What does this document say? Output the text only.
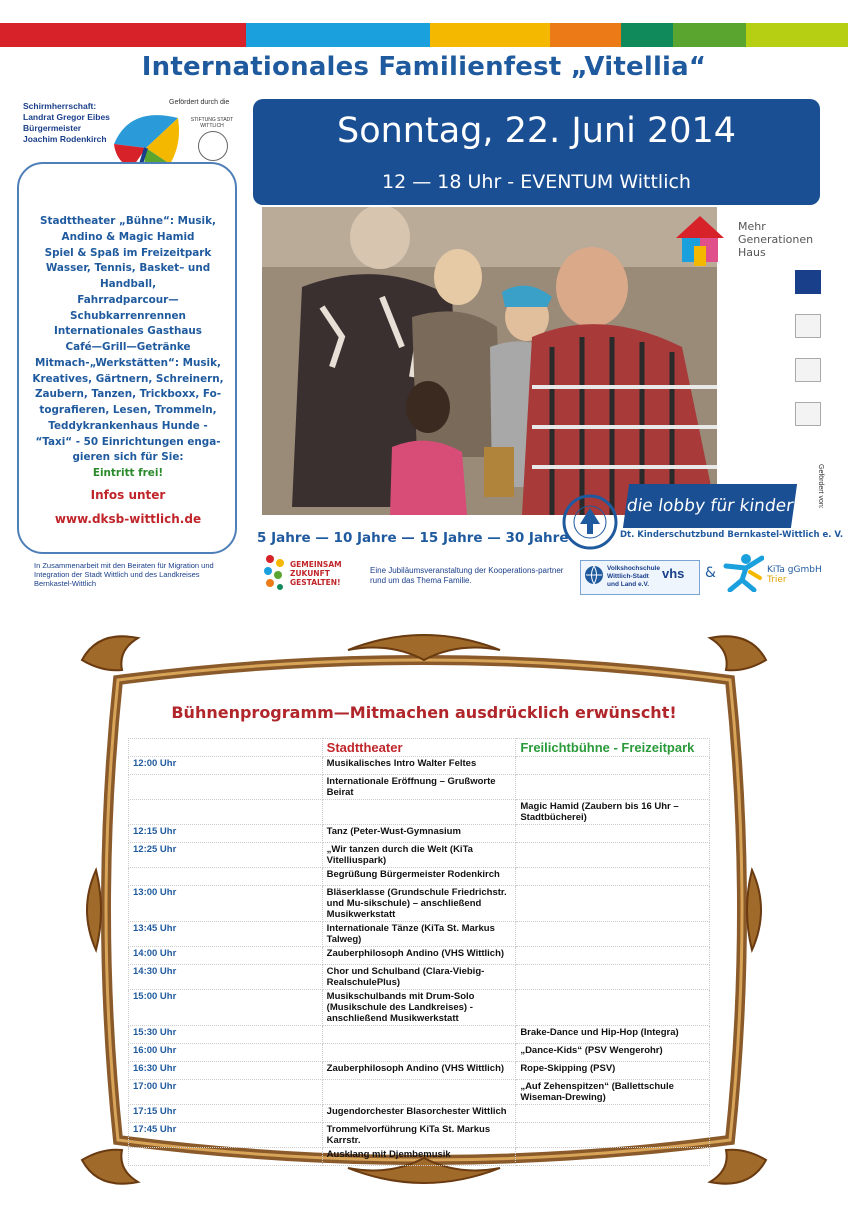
Internationales Familienfest „Vitellia“
Schirmherrschaft:
Landrat Gregor Eibes
Bürgermeister
Joachim Rodenkirch
Gefördert durch die
STIFTUNG STADT WITTLICH
Stadttheater „Bühne“: Musik,
Andino & Magic Hamid
Spiel & Spaß im Freizeitpark
Wasser, Tennis, Basket– und
Handball,
Fahrradparcour—
Schubkarrenrennen
Internationales Gasthaus
Café—Grill—Getränke
Mitmach-„Werkstätten“: Musik,
Kreatives, Gärtnern, Schreinern,
Zaubern, Tanzen, Trickboxx, Fo-
tografieren, Lesen, Trommeln,
Teddykrankenhaus Hunde -
“Taxi“ - 50 Einrichtungen enga-
gieren sich für Sie:
Eintritt frei!
Infos unter
www.dksb-wittlich.de
In Zusammenarbeit mit den Beiraten für Migration und Integration der Stadt Wittlich und des Landkreises Bernkastel-Wittlich
Sonntag, 22. Juni 2014
12 — 18 Uhr - EVENTUM Wittlich
Mehr
Generationen
Haus
Gefördert von:
5 Jahre — 10 Jahre — 15 Jahre — 30 Jahre
die lobby für kinder
Dt. Kinderschutzbund Bernkastel-Wittlich e. V.
GEMEINSAM
ZUKUNFT
GESTALTEN!
Eine Jubiläumsveranstaltung der Kooperations-partner rund um das Thema Familie.
Volkshochschule
Wittlich-Stadt
und Land e.V.
vhs &	KiTa gGmbH
Trier
Bühnenprogramm—Mitmachen ausdrücklich erwünscht!
	Stadttheater	Freilichtbühne - Freizeitpark
12:00 Uhr	Musikalisches Intro Walter Feltes	
	Internationale Eröffnung – Grußworte Beirat	
		Magic Hamid (Zaubern bis 16 Uhr – Stadtbücherei)
12:15 Uhr	Tanz (Peter-Wust-Gymnasium	
12:25 Uhr	„Wir tanzen durch die Welt (KiTa Vitelliuspark)	
	Begrüßung Bürgermeister Rodenkirch	
13:00 Uhr	Bläserklasse (Grundschule Friedrichstr. und Mu-sikschule) – anschließend Musikwerkstatt	
13:45 Uhr	Internationale Tänze (KiTa St. Markus Talweg)	
14:00 Uhr	Zauberphilosoph Andino (VHS Wittlich)	
14:30 Uhr	Chor und Schulband (Clara-Viebig-RealschulePlus)	
15:00 Uhr	Musikschulbands mit Drum-Solo (Musikschule des Landkreises) - anschließend Musikwerkstatt	
15:30 Uhr		Brake-Dance und Hip-Hop (Integra)
16:00 Uhr		„Dance-Kids“ (PSV Wengerohr)
16:30 Uhr	Zauberphilosoph Andino (VHS Wittlich)	Rope-Skipping (PSV)
17:00 Uhr		„Auf Zehenspitzen“ (Ballettschule Wiseman-Drewing)
17:15 Uhr	Jugendorchester Blasorchester Wittlich	
17:45 Uhr	Trommelvorführung KiTa St. Markus Karrstr.	
	Ausklang mit Djembemusik	
